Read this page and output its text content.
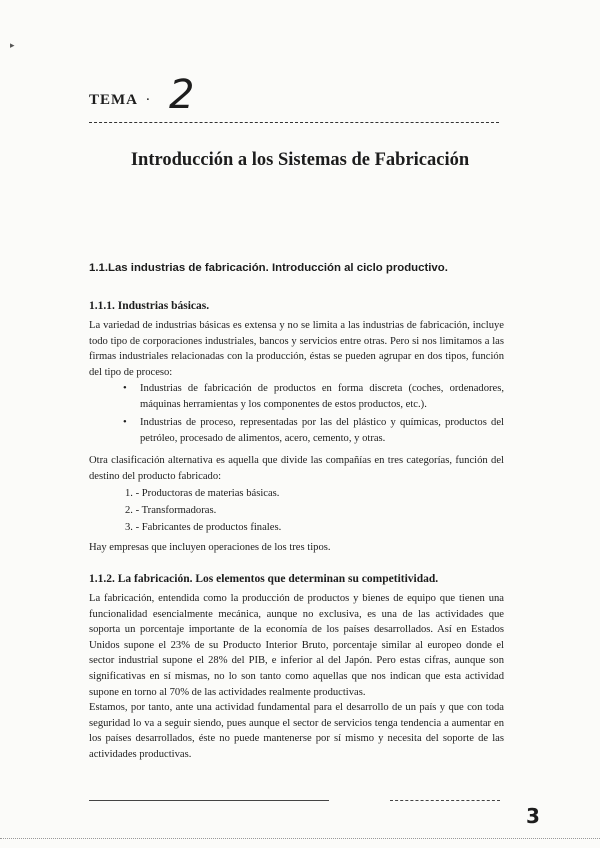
▸
TEMA . 2
Introducción a los Sistemas de Fabricación
1.1.Las industrias de fabricación. Introducción al ciclo productivo.
1.1.1. Industrias básicas.

La variedad de industrias básicas es extensa y no se limita a las industrias de fabricación, incluye todo tipo de corporaciones industriales, bancos y servicios entre otras. Pero si nos limitamos a las firmas industriales relacionadas con la producción, éstas se pueden agrupar en dos tipos, función del tipo de proceso:

• Industrias de fabricación de productos en forma discreta (coches, ordenadores, máquinas herramientas y los componentes de estos productos, etc.).
• Industrias de proceso, representadas por las del plástico y químicas, productos del petróleo, procesado de alimentos, acero, cemento, y otras.

Otra clasificación alternativa es aquella que divide las compañías en tres categorías, función del destino del producto fabricado:

1. - Productoras de materias básicas.
2. - Transformadoras.
3. - Fabricantes de productos finales.

Hay empresas que incluyen operaciones de los tres tipos.

1.1.2. La fabricación. Los elementos que determinan su competitividad.

La fabricación, entendida como la producción de productos y bienes de equipo que tienen una funcionalidad esencialmente mecánica, aunque no exclusiva, es una de las actividades que soporta un porcentaje importante de la economía de los países desarrollados. Así en Estados Unidos supone el 23% de su Producto Interior Bruto, porcentaje similar al europeo donde el sector industrial supone el 28% del PIB, e inferior al del Japón. Pero estas cifras, aunque son significativas en sí mismas, no lo son tanto como aquellas que nos indican que esta actividad supone en torno al 70% de las actividades realmente productivas.

Estamos, por tanto, ante una actividad fundamental para el desarrollo de un país y que con toda seguridad lo va a seguir siendo, pues aunque el sector de servicios tenga tendencia a aumentar en los países desarrollados, éste no puede mantenerse por sí mismo y necesita del soporte de las actividades productivas.

3
